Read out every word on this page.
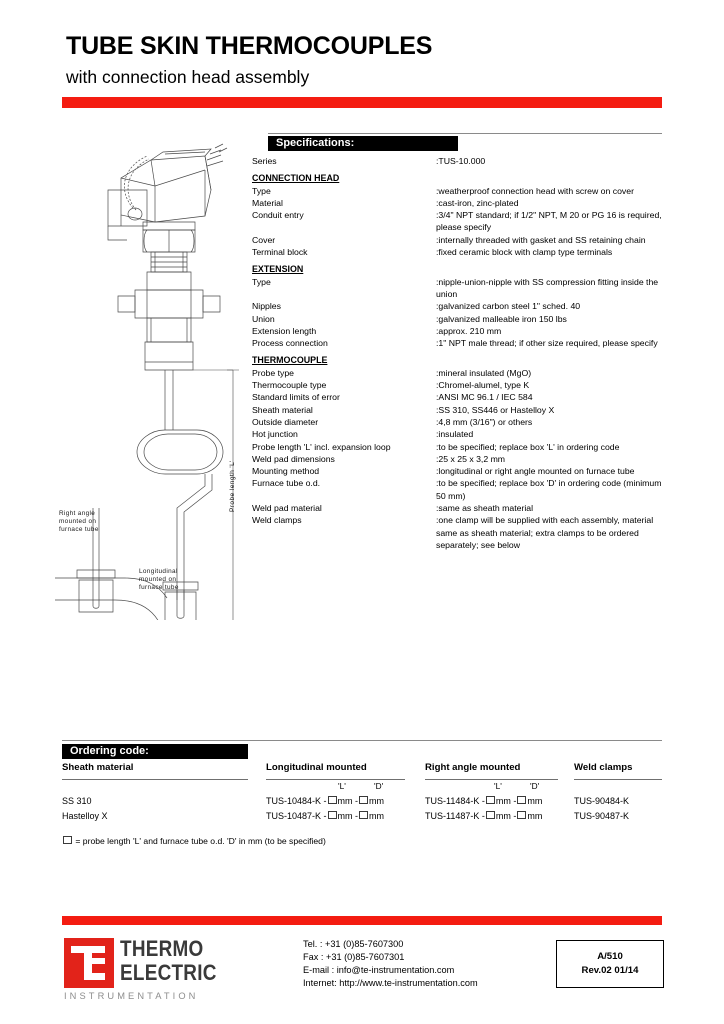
TUBE SKIN THERMOCOUPLES
with connection head assembly
Right angle
mounted on
furnace tube
Longitudinal
mounted on
furnace tube
Probe length 'L'
Specifications:
Series	:TUS-10.000
CONNECTION HEAD
Type	:weatherproof connection head with screw on cover
Material	:cast-iron, zinc-plated
Conduit entry	:3/4" NPT standard; if 1/2" NPT, M 20 or PG 16 is required, please specify
Cover	:internally threaded with gasket and SS retaining chain
Terminal block	:fixed ceramic block with clamp type terminals
EXTENSION
Type	:nipple-union-nipple with SS compression fitting inside the union
Nipples	:galvanized carbon steel 1" sched. 40
Union	:galvanized malleable iron 150 lbs
Extension length	:approx. 210 mm
Process connection	:1" NPT male thread; if other size required, please specify
THERMOCOUPLE
Probe type	:mineral insulated (MgO)
Thermocouple type	:Chromel-alumel, type K
Standard limits of error	:ANSI MC 96.1 / IEC 584
Sheath material	:SS 310, SS446 or Hastelloy X
Outside diameter	:4,8 mm (3/16") or others
Hot junction	:insulated
Probe length 'L' incl. expansion loop	:to be specified; replace box 'L' in ordering code
Weld pad dimensions	:25 x 25 x 3,2 mm
Mounting method	:longitudinal or right angle mounted on furnace tube
Furnace tube o.d.	:to be specified; replace box 'D' in ordering code (minimum 50 mm)
Weld pad material	:same as sheath material
Weld clamps	:one clamp will be supplied with each assembly, material same as sheath material; extra clamps to be ordered separately; see below
Ordering code:
Sheath material	Longitudinal mounted	Right angle mounted	Weld clamps
'L'	'D'	'L'	'D'
SS 310	TUS-10484-K - mm - mm	TUS-11484-K - mm - mm	TUS-90484-K
Hastelloy X	TUS-10487-K - mm - mm	TUS-11487-K - mm - mm	TUS-90487-K
= probe length 'L' and furnace tube o.d. 'D' in mm (to be specified)
THERMO
ELECTRIC
INSTRUMENTATION
Tel. : +31 (0)85-7607300
Fax : +31 (0)85-7607301
E-mail : info@te-instrumentation.com
Internet: http://www.te-instrumentation.com
A/510
Rev.02 01/14
